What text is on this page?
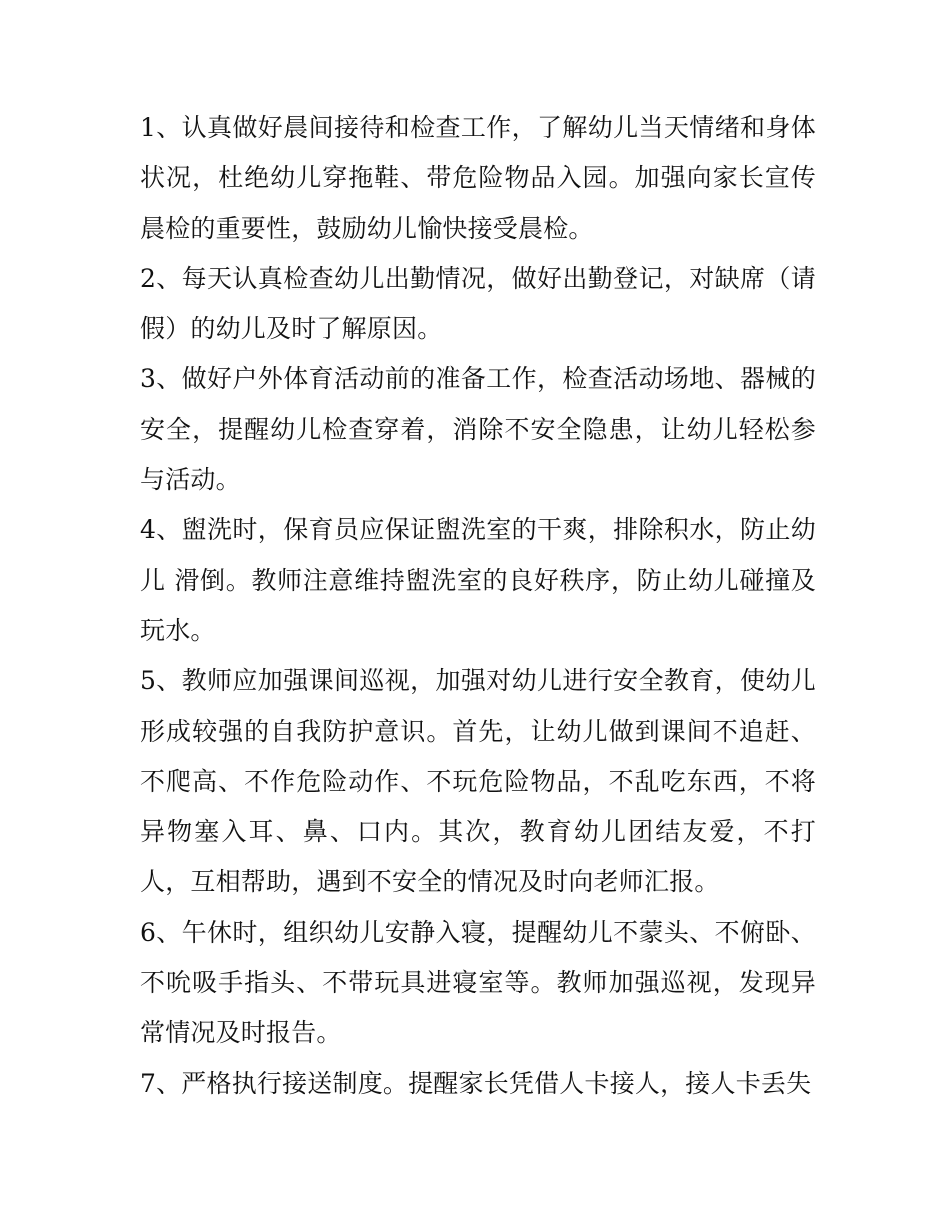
1、认真做好晨间接待和检查工作，了解幼儿当天情绪和身体状况，杜绝幼儿穿拖鞋、带危险物品入园。加强向家长宣传晨检的重要性，鼓励幼儿愉快接受晨检。

2、每天认真检查幼儿出勤情况，做好出勤登记，对缺席（请假）的幼儿及时了解原因。

3、做好户外体育活动前的准备工作，检查活动场地、器械的安全，提醒幼儿检查穿着，消除不安全隐患，让幼儿轻松参与活动。

4、盥洗时，保育员应保证盥洗室的干爽，排除积水，防止幼儿 滑倒。教师注意维持盥洗室的良好秩序，防止幼儿碰撞及玩水。

5、教师应加强课间巡视，加强对幼儿进行安全教育，使幼儿形成较强的自我防护意识。首先，让幼儿做到课间不追赶、不爬高、不作危险动作、不玩危险物品，不乱吃东西，不将异物塞入耳、鼻、口内。其次，教育幼儿团结友爱，不打人，互相帮助，遇到不安全的情况及时向老师汇报。

6、午休时，组织幼儿安静入寝，提醒幼儿不蒙头、不俯卧、不吮吸手指头、不带玩具进寝室等。教师加强巡视，发现异常情况及时报告。

7、严格执行接送制度。提醒家长凭借人卡接人，接人卡丢失
